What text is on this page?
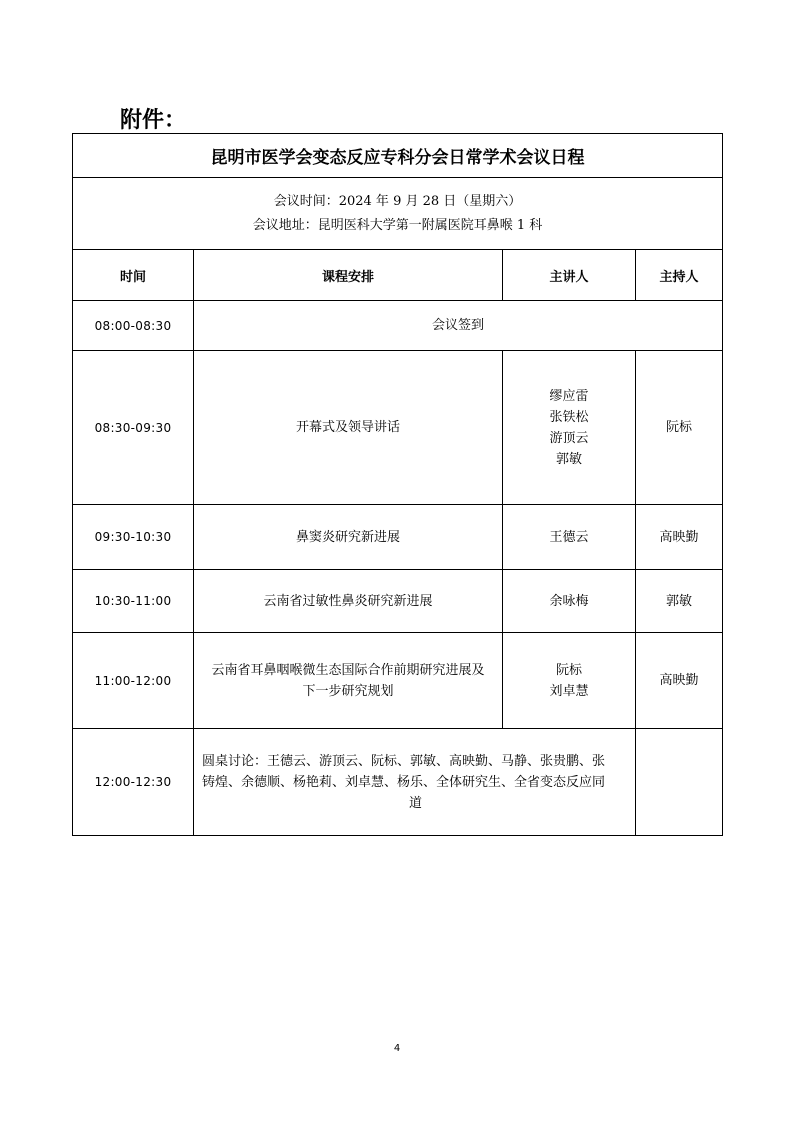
附件：
昆明市医学会变态反应专科分会日常学术会议日程			

会议时间：2024 年 9 月 28 日（星期六）
会议地址：昆明医科大学第一附属医院耳鼻喉 1 科			

时间	课程安排	主讲人	主持人
08:00-08:30	会议签到		
08:30-09:30	开幕式及领导讲话	缪应雷
张铁松
游顶云
郭敏	阮标
09:30-10:30	鼻窦炎研究新进展	王德云	高映勤
10:30-11:00	云南省过敏性鼻炎研究新进展	余咏梅	郭敏
11:00-12:00	云南省耳鼻咽喉微生态国际合作前期研究进展及
下一步研究规划	阮标
刘卓慧	高映勤
12:00-12:30	圆桌讨论：王德云、游顶云、阮标、郭敏、高映勤、马静、张贵鹏、张
铸煌、余德顺、杨艳莉、刘卓慧、杨乐、全体研究生、全省变态反应同
道		

4
